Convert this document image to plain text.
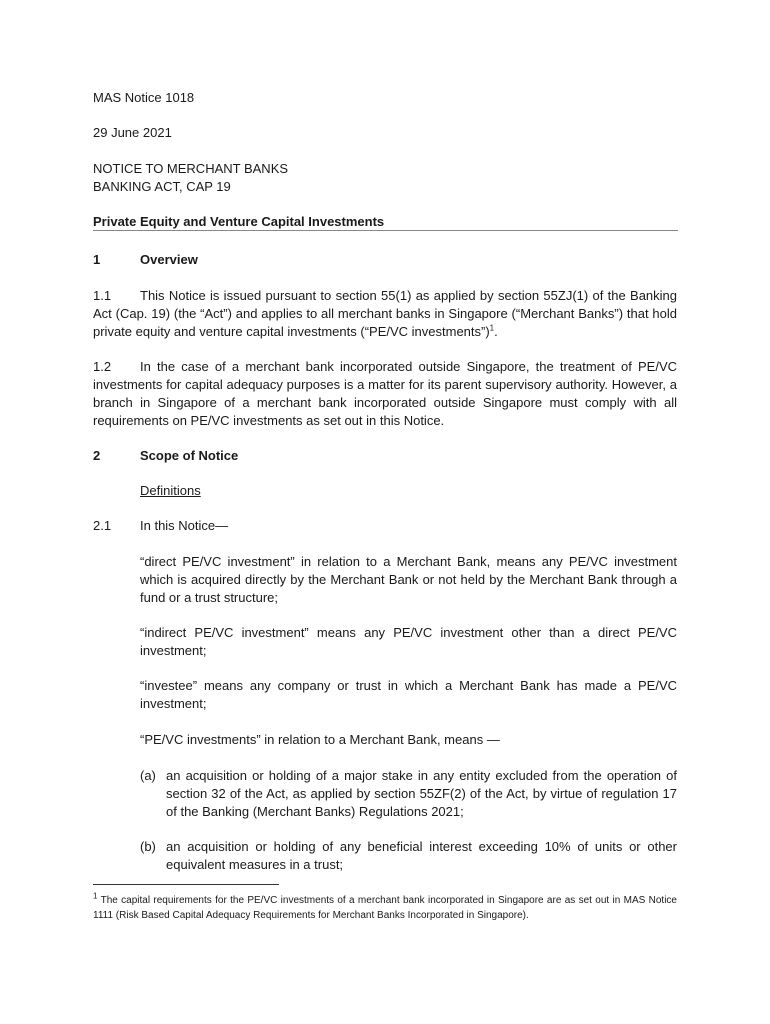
MAS Notice 1018
29 June 2021
NOTICE TO MERCHANT BANKS
BANKING ACT, CAP 19
Private Equity and Venture Capital Investments
1	Overview
1.1 This Notice is issued pursuant to section 55(1) as applied by section 55ZJ(1) of the Banking Act (Cap. 19) (the “Act”) and applies to all merchant banks in Singapore (“Merchant Banks”) that hold private equity and venture capital investments (“PE/VC investments”)$^1$.
1.2 In the case of a merchant bank incorporated outside Singapore, the treatment of PE/VC investments for capital adequacy purposes is a matter for its parent supervisory authority. However, a branch in Singapore of a merchant bank incorporated outside Singapore must comply with all requirements on PE/VC investments as set out in this Notice.
2	Scope of Notice
Definitions
2.1 In this Notice—
“direct PE/VC investment” in relation to a Merchant Bank, means any PE/VC investment which is acquired directly by the Merchant Bank or not held by the Merchant Bank through a fund or a trust structure;
“indirect PE/VC investment” means any PE/VC investment other than a direct PE/VC investment;
“investee” means any company or trust in which a Merchant Bank has made a PE/VC investment;
“PE/VC investments” in relation to a Merchant Bank, means —
(a) an acquisition or holding of a major stake in any entity excluded from the operation of section 32 of the Act, as applied by section 55ZF(2) of the Act, by virtue of regulation 17 of the Banking (Merchant Banks) Regulations 2021;
(b) an acquisition or holding of any beneficial interest exceeding 10% of units or other equivalent measures in a trust;
$^1$ The capital requirements for the PE/VC investments of a merchant bank incorporated in Singapore are as set out in MAS Notice 1111 (Risk Based Capital Adequacy Requirements for Merchant Banks Incorporated in Singapore).
